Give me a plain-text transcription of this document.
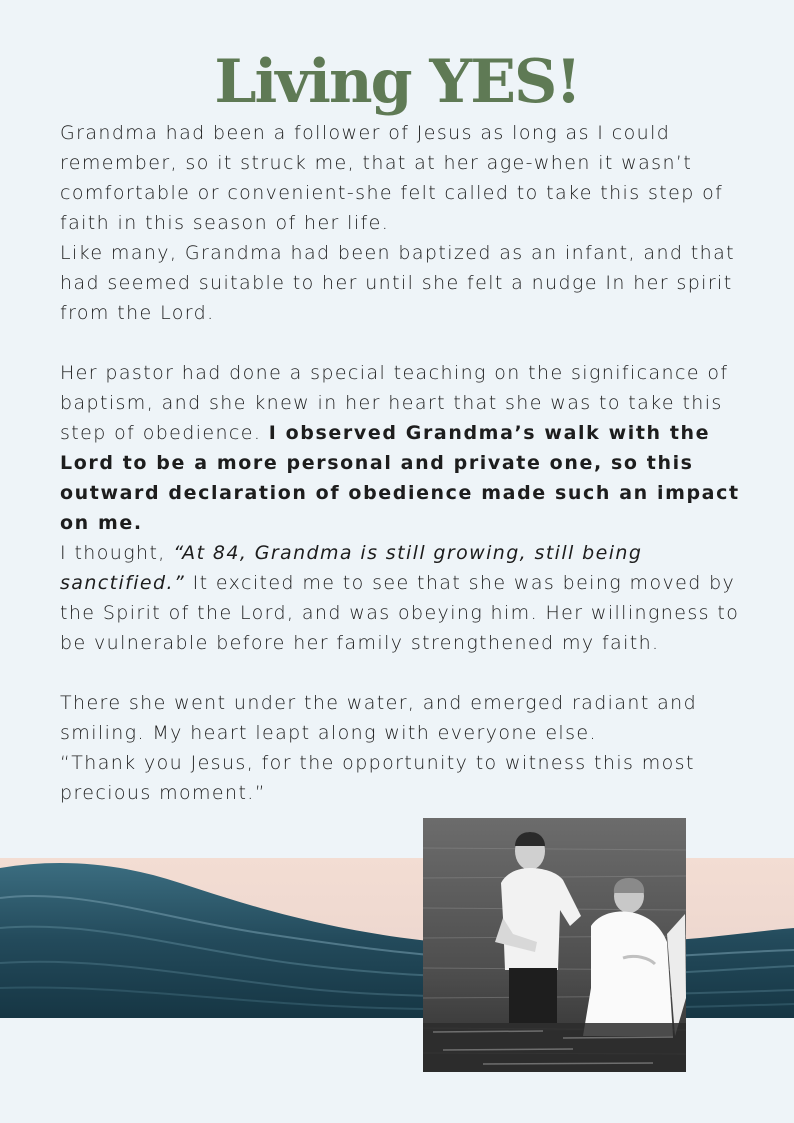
Living YES!

Grandma had been a follower of Jesus as long as I could remember, so it struck me, that at her age-when it wasn’t comfortable or convenient-she felt called to take this step of faith in this season of her life.

Like many, Grandma had been baptized as an infant, and that had seemed suitable to her until she felt a nudge In her spirit from the Lord.

Her pastor had done a special teaching on the significance of baptism, and she knew in her heart that she was to take this step of obedience. I observed Grandma’s walk with the Lord to be a more personal and private one, so this outward declaration of obedience made such an impact on me.

I thought, “At 84, Grandma is still growing, still being sanctified.” It excited me to see that she was being moved by the Spirit of the Lord, and was obeying him. Her willingness to be vulnerable before her family strengthened my faith.

There she went under the water, and emerged radiant and smiling. My heart leapt along with everyone else.

“Thank you Jesus, for the opportunity to witness this most precious moment.”
